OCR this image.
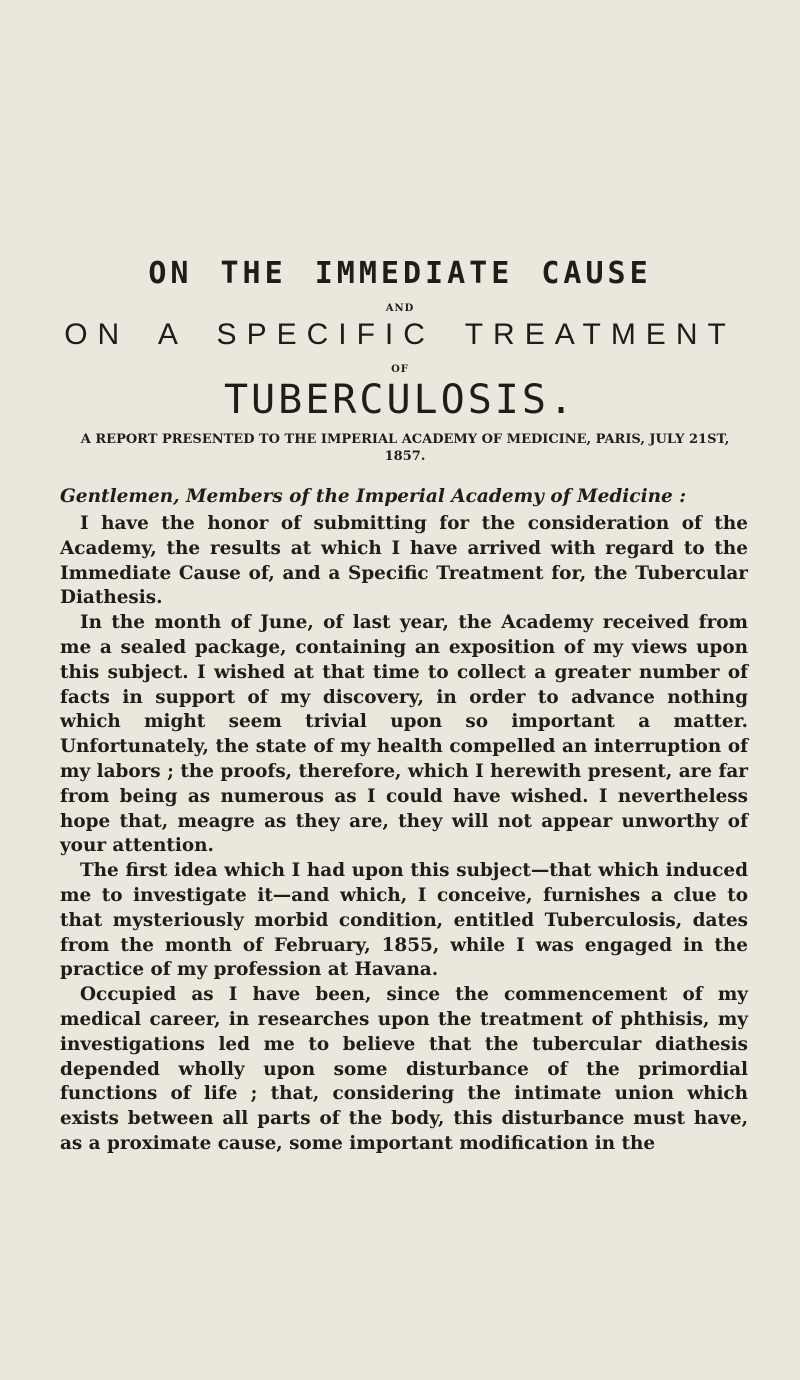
ON THE IMMEDIATE CAUSE
AND
ON A SPECIFIC TREATMENT
OF
TUBERCULOSIS.
A REPORT PRESENTED TO THE IMPERIAL ACADEMY OF MEDICINE, PARIS, JULY 21ST, 1857.
Gentlemen, Members of the Imperial Academy of Medicine :

I have the honor of submitting for the consideration of the Academy, the results at which I have arrived with regard to the Immediate Cause of, and a Specific Treatment for, the Tubercular Diathesis.

In the month of June, of last year, the Academy received from me a sealed package, containing an exposition of my views upon this subject. I wished at that time to collect a greater number of facts in support of my discovery, in order to advance nothing which might seem trivial upon so important a matter. Unfortunately, the state of my health compelled an interruption of my labors ; the proofs, therefore, which I herewith present, are far from being as numerous as I could have wished. I nevertheless hope that, meagre as they are, they will not appear unworthy of your attention.

The first idea which I had upon this subject—that which induced me to investigate it—and which, I conceive, furnishes a clue to that mysteriously morbid condition, entitled Tuberculosis, dates from the month of February, 1855, while I was engaged in the practice of my profession at Havana.

Occupied as I have been, since the commencement of my medical career, in researches upon the treatment of phthisis, my investigations led me to believe that the tubercular diathesis depended wholly upon some disturbance of the primordial functions of life ; that, considering the intimate union which exists between all parts of the body, this disturbance must have, as a proximate cause, some important modification in the
